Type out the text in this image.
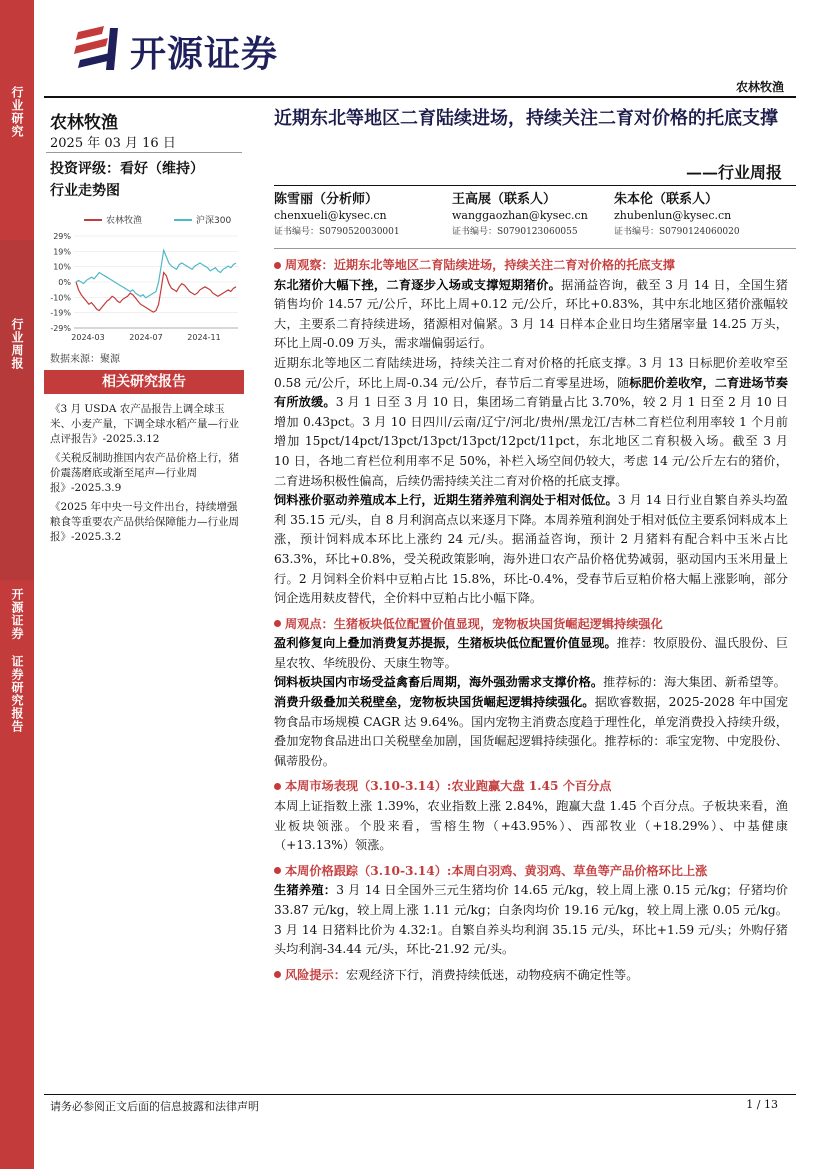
开源证券
农林牧渔
行业研究
行业周报
开源证券 证券研究报告
农林牧渔
2025 年 03 月 16 日
投资评级：看好（维持）
行业走势图
农林牧渔	沪深300
29%
19%
10%
0%
-10%
-19%
-29%
2024-03	2024-07	2024-11
数据来源：聚源
相关研究报告
《3 月 USDA 农产品报告上调全球玉米、小麦产量，下调全球水稻产量—行业点评报告》-2025.3.12
《关税反制助推国内农产品价格上行，猪价震荡磨底或渐至尾声—行业周报》-2025.3.9
《2025 年中央一号文件出台，持续增强粮食等重要农产品供给保障能力—行业周报》-2025.3.2
近期东北等地区二育陆续进场，持续关注二育对价格的托底支撑
——行业周报
陈雪丽（分析师）
chenxueli@kysec.cn
证书编号：S0790520030001
王高展（联系人）
wanggaozhan@kysec.cn
证书编号：S0790123060055
朱本伦（联系人）
zhubenlun@kysec.cn
证书编号：S0790124060020

周观察：近期东北等地区二育陆续进场，持续关注二育对价格的托底支撑

东北猪价大幅下挫，二育逐步入场或支撑短期猪价。据涌益咨询，截至 3 月 14 日，全国生猪销售均价 14.57 元/公斤，环比上周+0.12 元/公斤，环比+0.83%，其中东北地区猪价涨幅较大，主要系二育持续进场，猪源相对偏紧。3 月 14 日样本企业日均生猪屠宰量 14.25 万头，环比上周-0.09 万头，需求端偏弱运行。

近期东北等地区二育陆续进场，持续关注二育对价格的托底支撑。3 月 13 日标肥价差收窄至 0.58 元/公斤，环比上周-0.34 元/公斤，春节后二育零星进场，随标肥价差收窄，二育进场节奏有所放缓。3 月 1 日至 3 月 10 日，集团场二育销量占比 3.70%，较 2 月 1 日至 2 月 10 日增加 0.43pct。3 月 10 日四川/云南/辽宁/河北/贵州/黑龙江/吉林二育栏位利用率较 1 个月前增加 15pct/14pct/13pct/13pct/13pct/12pct/11pct，东北地区二育积极入场。截至 3 月 10 日，各地二育栏位利用率不足 50%，补栏入场空间仍较大，考虑 14 元/公斤左右的猪价，二育进场积极性偏高，后续仍需持续关注二育对价格的托底支撑。

饲料涨价驱动养殖成本上行，近期生猪养殖利润处于相对低位。3 月 14 日行业自繁自养头均盈利 35.15 元/头，自 8 月利润高点以来逐月下降。本周养殖利润处于相对低位主要系饲料成本上涨，预计饲料成本环比上涨约 24 元/头。据涌益咨询，预计 2 月猪料有配合料中玉米占比 63.3%，环比+0.8%，受关税政策影响，海外进口农产品价格优势减弱，驱动国内玉米用量上行。2 月饲料全价料中豆粕占比 15.8%，环比-0.4%，受春节后豆粕价格大幅上涨影响，部分饲企选用麸皮替代，全价料中豆粕占比小幅下降。

周观点：生猪板块低位配置价值显现，宠物板块国货崛起逻辑持续强化

盈利修复向上叠加消费复苏提振，生猪板块低位配置价值显现。推荐：牧原股份、温氏股份、巨星农牧、华统股份、天康生物等。

饲料板块国内市场受益禽畜后周期，海外强劲需求支撑价格。推荐标的：海大集团、新希望等。

消费升级叠加关税壁垒，宠物板块国货崛起逻辑持续强化。据欧睿数据，2025-2028 年中国宠物食品市场规模 CAGR 达 9.64%。国内宠物主消费态度趋于理性化，单宠消费投入持续升级，叠加宠物食品进出口关税壁垒加剧，国货崛起逻辑持续强化。推荐标的：乖宝宠物、中宠股份、佩蒂股份。

本周市场表现（3.10-3.14）:农业跑赢大盘 1.45 个百分点

本周上证指数上涨 1.39%，农业指数上涨 2.84%，跑赢大盘 1.45 个百分点。子板块来看，渔业板块领涨。个股来看，雪榕生物（+43.95%）、西部牧业（+18.29%）、中基健康（+13.13%）领涨。

本周价格跟踪（3.10-3.14）:本周白羽鸡、黄羽鸡、草鱼等产品价格环比上涨

生猪养殖：3 月 14 日全国外三元生猪均价 14.65 元/kg，较上周上涨 0.15 元/kg；仔猪均价 33.87 元/kg，较上周上涨 1.11 元/kg；白条肉均价 19.16 元/kg，较上周上涨 0.05 元/kg。3 月 14 日猪料比价为 4.32:1。自繁自养头均利润 35.15 元/头，环比+1.59 元/头；外购仔猪头均利润-34.44 元/头，环比-21.92 元/头。

风险提示：宏观经济下行，消费持续低迷，动物疫病不确定性等。

请务必参阅正文后面的信息披露和法律声明	1 / 13
